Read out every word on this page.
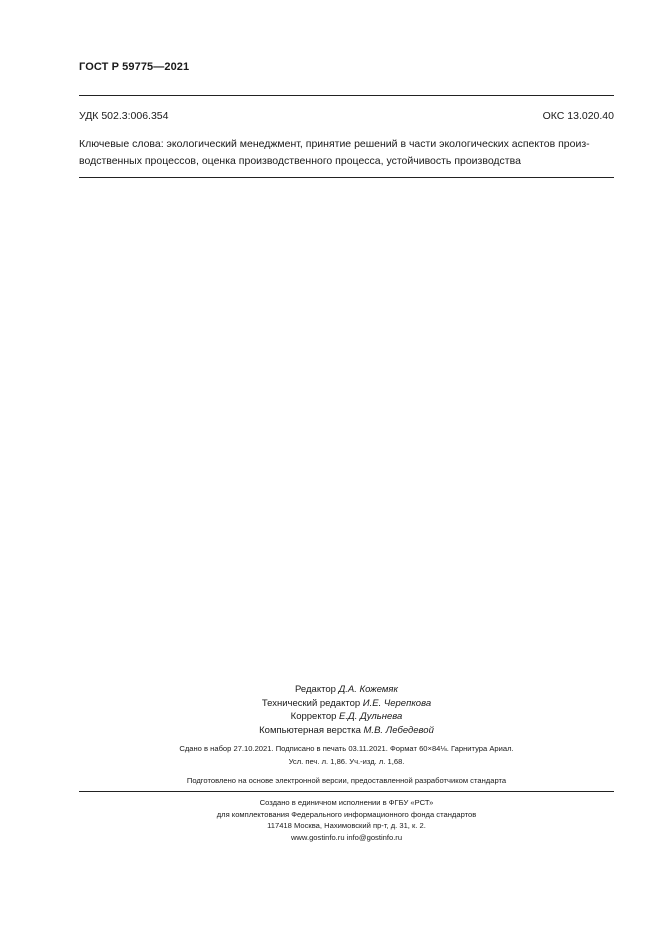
ГОСТ Р 59775—2021
УДК 502.3:006.354	ОКС 13.020.40
Ключевые слова: экологический менеджмент, принятие решений в части экологических аспектов произ-
водственных процессов, оценка производственного процесса, устойчивость производства
Редактор Д.А. Кожемяк
Технический редактор И.Е. Черепкова
Корректор Е.Д. Дульнева
Компьютерная верстка М.В. Лебедевой
Сдано в набор 27.10.2021. Подписано в печать 03.11.2021. Формат 60×84⅛. Гарнитура Ариал.
Усл. печ. л. 1,86. Уч.-изд. л. 1,68.
Подготовлено на основе электронной версии, предоставленной разработчиком стандарта
Создано в единичном исполнении в ФГБУ «РСТ»
для комплектования Федерального информационного фонда стандартов
117418 Москва, Нахимовский пр-т, д. 31, к. 2.
www.gostinfo.ru info@gostinfo.ru
